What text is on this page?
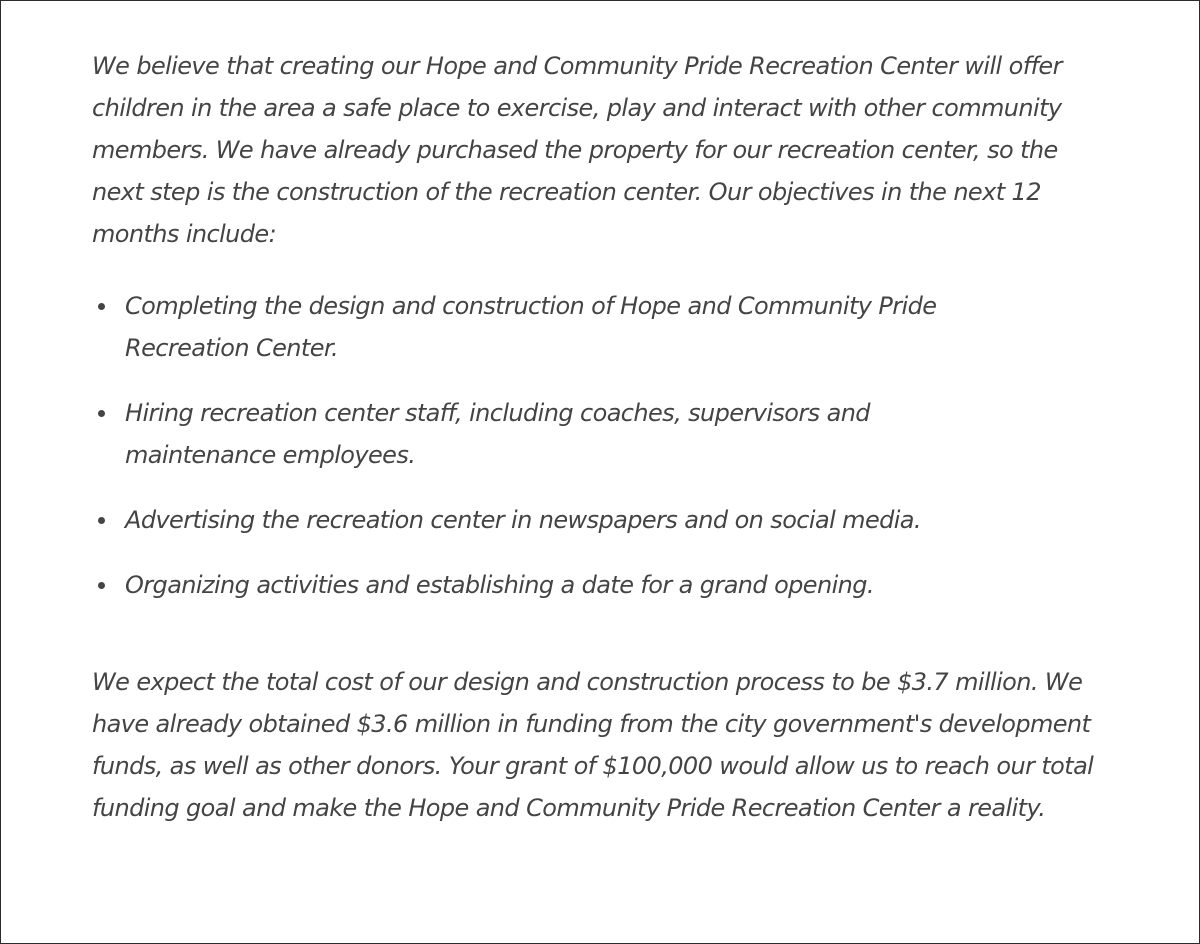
We believe that creating our Hope and Community Pride Recreation Center will offer children in the area a safe place to exercise, play and interact with other community members. We have already purchased the property for our recreation center, so the next step is the construction of the recreation center. Our objectives in the next 12 months include:

Completing the design and construction of Hope and Community Pride Recreation Center.
Hiring recreation center staff, including coaches, supervisors and maintenance employees.
Advertising the recreation center in newspapers and on social media.
Organizing activities and establishing a date for a grand opening.

We expect the total cost of our design and construction process to be $3.7 million. We have already obtained $3.6 million in funding from the city government's development funds, as well as other donors. Your grant of $100,000 would allow us to reach our total funding goal and make the Hope and Community Pride Recreation Center a reality.
